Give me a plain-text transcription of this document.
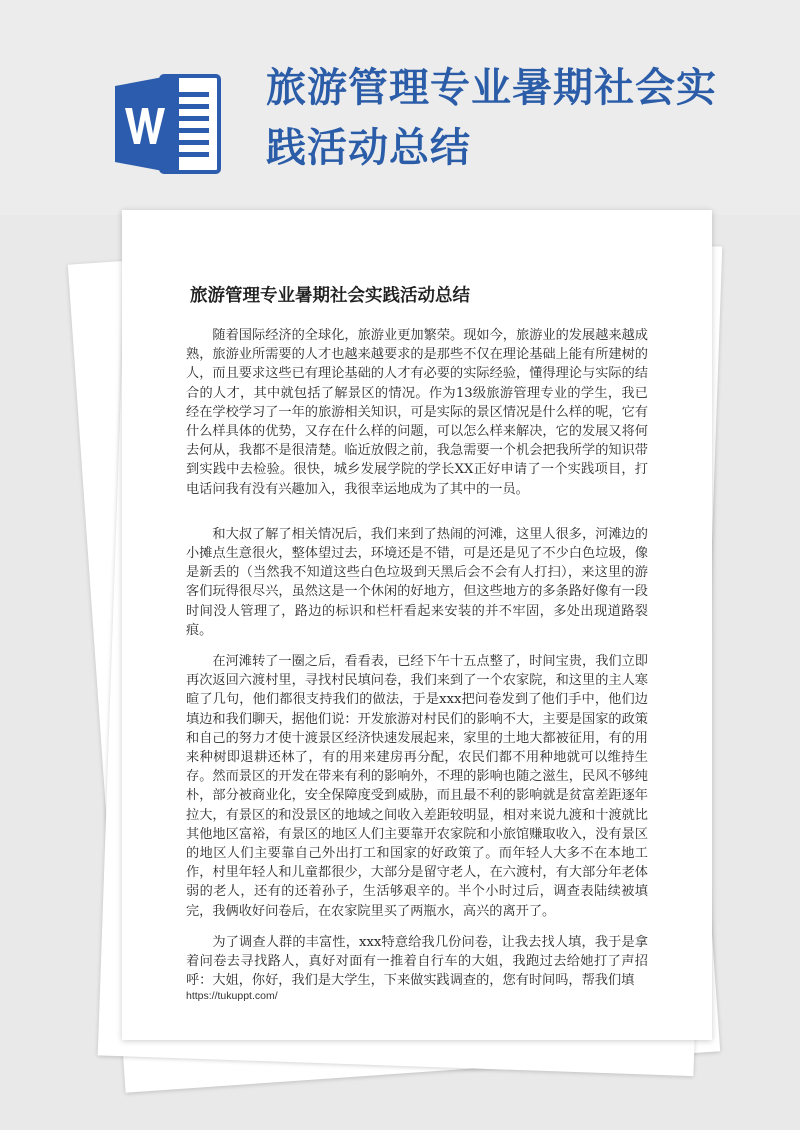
旅游管理专业暑期社会实践活动总结
旅游管理专业暑期社会实践活动总结

随着国际经济的全球化，旅游业更加繁荣。现如今，旅游业的发展越来越成熟，旅游业所需要的人才也越来越要求的是那些不仅在理论基础上能有所建树的人，而且要求这些已有理论基础的人才有必要的实际经验，懂得理论与实际的结合的人才，其中就包括了解景区的情况。作为13级旅游管理专业的学生，我已经在学校学习了一年的旅游相关知识，可是实际的景区情况是什么样的呢，它有什么样具体的优势，又存在什么样的问题，可以怎么样来解决，它的发展又将何去何从，我都不是很清楚。临近放假之前，我急需要一个机会把我所学的知识带到实践中去检验。很快，城乡发展学院的学长XX正好申请了一个实践项目，打电话问我有没有兴趣加入，我很幸运地成为了其中的一员。

和大叔了解了相关情况后，我们来到了热闹的河滩，这里人很多，河滩边的小摊点生意很火，整体望过去，环境还是不错，可是还是见了不少白色垃圾，像是新丢的（当然我不知道这些白色垃圾到天黑后会不会有人打扫），来这里的游客们玩得很尽兴，虽然这是一个休闲的好地方，但这些地方的多条路好像有一段时间没人管理了，路边的标识和栏杆看起来安装的并不牢固，多处出现道路裂痕。

在河滩转了一圈之后，看看表，已经下午十五点整了，时间宝贵，我们立即再次返回六渡村里，寻找村民填问卷，我们来到了一个农家院，和这里的主人寒暄了几句，他们都很支持我们的做法，于是xxx把问卷发到了他们手中，他们边填边和我们聊天，据他们说：开发旅游对村民们的影响不大，主要是国家的政策和自己的努力才使十渡景区经济快速发展起来，家里的土地大都被征用，有的用来种树即退耕还林了，有的用来建房再分配，农民们都不用种地就可以维持生存。然而景区的开发在带来有利的影响外，不理的影响也随之滋生，民风不够纯朴，部分被商业化，安全保障度受到威胁，而且最不利的影响就是贫富差距逐年拉大，有景区的和没景区的地域之间收入差距较明显，相对来说九渡和十渡就比其他地区富裕，有景区的地区人们主要靠开农家院和小旅馆赚取收入，没有景区的地区人们主要靠自己外出打工和国家的好政策了。而年轻人大多不在本地工作，村里年轻人和儿童都很少，大部分是留守老人，在六渡村，有大部分年老体弱的老人，还有的还着孙子，生活够艰辛的。半个小时过后，调查表陆续被填完，我俩收好问卷后，在农家院里买了两瓶水，高兴的离开了。

为了调查人群的丰富性，xxx特意给我几份问卷，让我去找人填，我于是拿着问卷去寻找路人，真好对面有一推着自行车的大姐，我跑过去给她打了声招呼：大姐，你好，我们是大学生，下来做实践调查的，您有时间吗，帮我们填

https://tukuppt.com/
